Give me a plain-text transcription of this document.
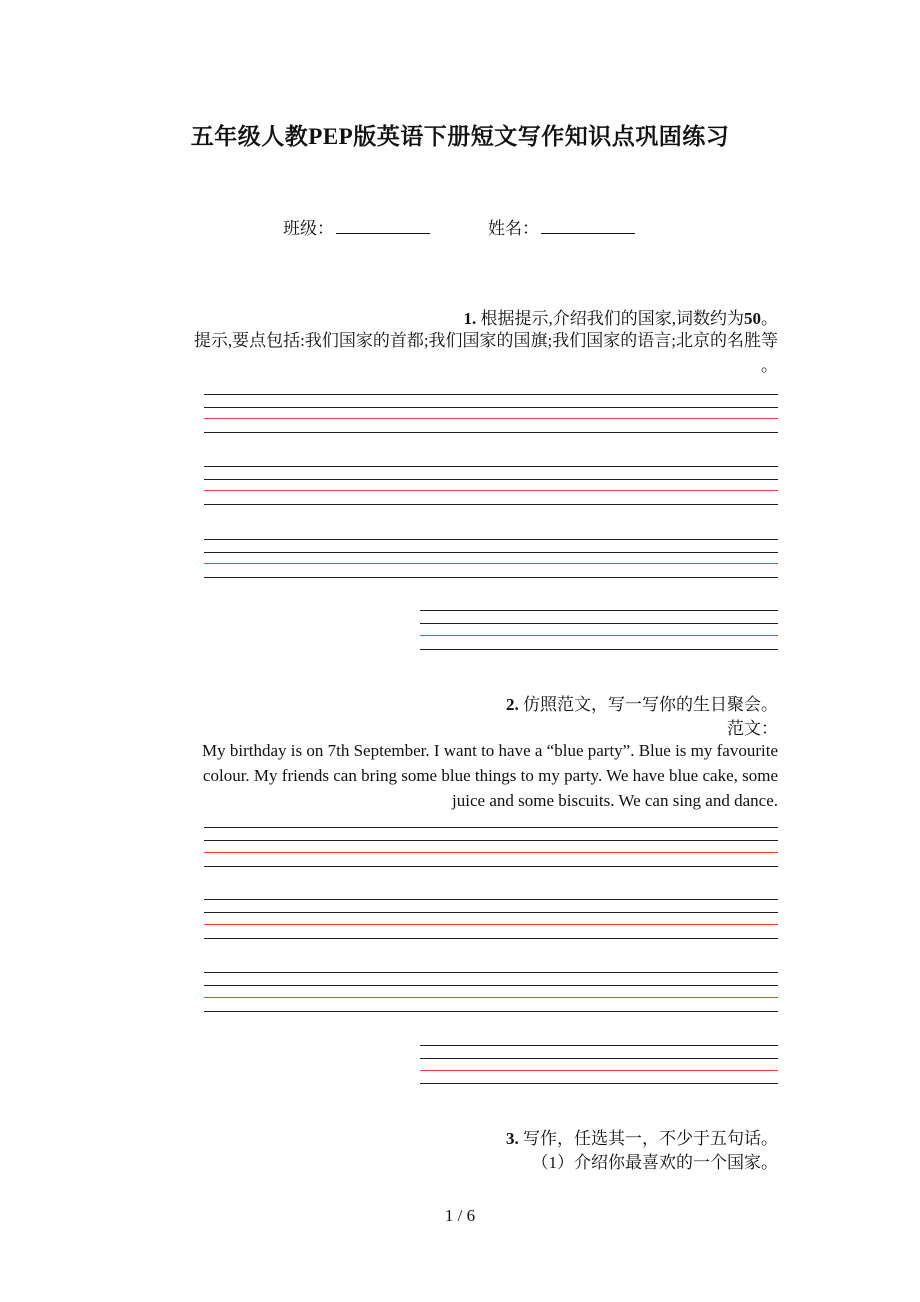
五年级人教PEP版英语下册短文写作知识点巩固练习
班级：	姓名：
1. 根据提示,介绍我们的国家,词数约为50。
提示,要点包括:我们国家的首都;我们国家的国旗;我们国家的语言;北京的名胜等
。
2. 仿照范文，写一写你的生日聚会。
范文：
My birthday is on 7th September. I want to have a “blue party”. Blue is my favourite
colour. My friends can bring some blue things to my party. We have blue cake, some
juice and some biscuits. We can sing and dance.
3. 写作，任选其一，不少于五句话。
（1）介绍你最喜欢的一个国家。
1 / 6
